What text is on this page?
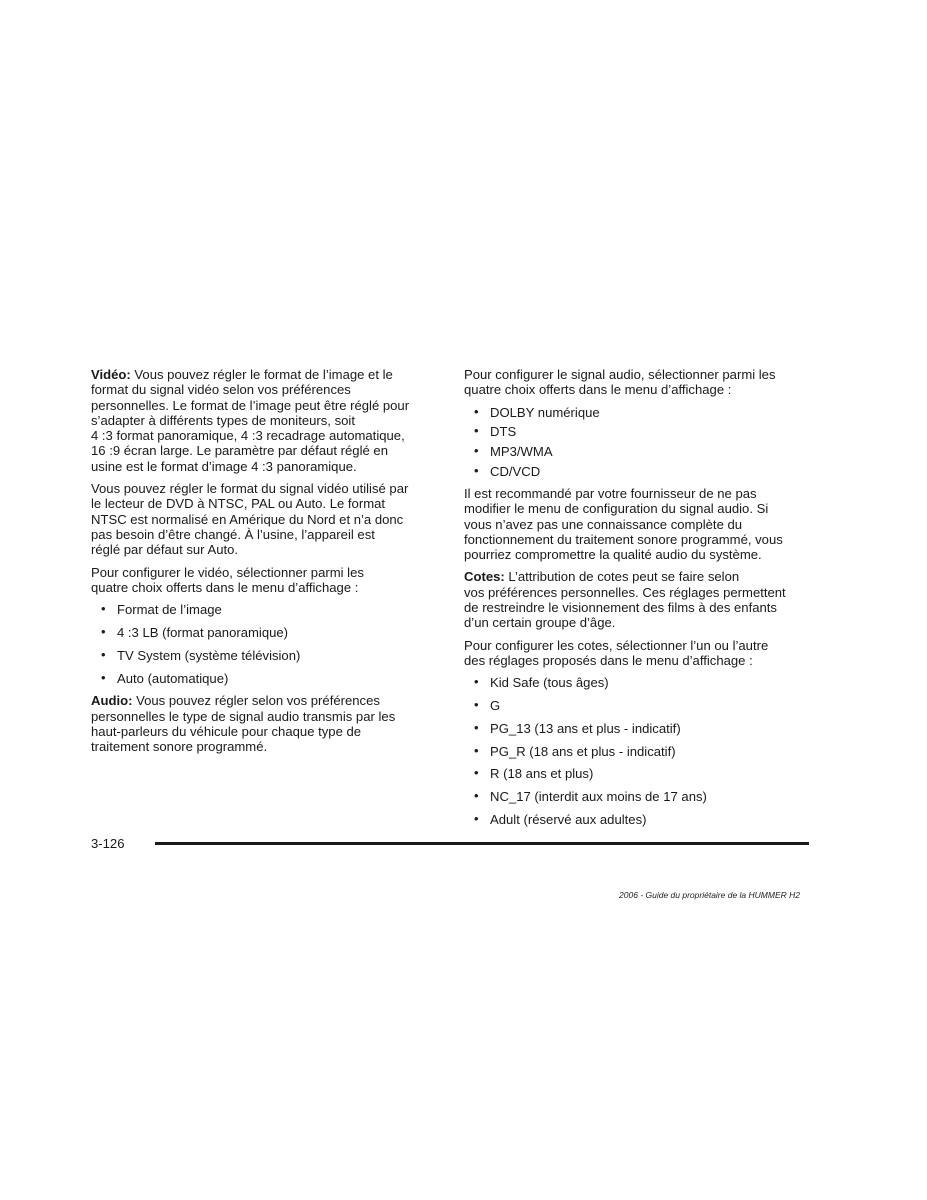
Vidéo: Vous pouvez régler le format de l’image et le
format du signal vidéo selon vos préférences
personnelles. Le format de l’image peut être réglé pour
s’adapter à différents types de moniteurs, soit
4 :3 format panoramique, 4 :3 recadrage automatique,
16 :9 écran large. Le paramètre par défaut réglé en
usine est le format d’image 4 :3 panoramique.

Vous pouvez régler le format du signal vidéo utilisé par
le lecteur de DVD à NTSC, PAL ou Auto. Le format
NTSC est normalisé en Amérique du Nord et n’a donc
pas besoin d’être changé. À l’usine, l’appareil est
réglé par défaut sur Auto.

Pour configurer le vidéo, sélectionner parmi les
quatre choix offerts dans le menu d’affichage :

• Format de l’image
• 4 :3 LB (format panoramique)
• TV System (système télévision)
• Auto (automatique)

Audio: Vous pouvez régler selon vos préférences
personnelles le type de signal audio transmis par les
haut-parleurs du véhicule pour chaque type de
traitement sonore programmé.

Pour configurer le signal audio, sélectionner parmi les
quatre choix offerts dans le menu d’affichage :

• DOLBY numérique
• DTS
• MP3/WMA
• CD/VCD

Il est recommandé par votre fournisseur de ne pas
modifier le menu de configuration du signal audio. Si
vous n’avez pas une connaissance complète du
fonctionnement du traitement sonore programmé, vous
pourriez compromettre la qualité audio du système.

Cotes: L’attribution de cotes peut se faire selon
vos préférences personnelles. Ces réglages permettent
de restreindre le visionnement des films à des enfants
d’un certain groupe d’âge.

Pour configurer les cotes, sélectionner l’un ou l’autre
des réglages proposés dans le menu d’affichage :

• Kid Safe (tous âges)
• G
• PG_13 (13 ans et plus - indicatif)
• PG_R (18 ans et plus - indicatif)
• R (18 ans et plus)
• NC_17 (interdit aux moins de 17 ans)
• Adult (réservé aux adultes)
3-126
2006 - Guide du propriétaire de la HUMMER H2
